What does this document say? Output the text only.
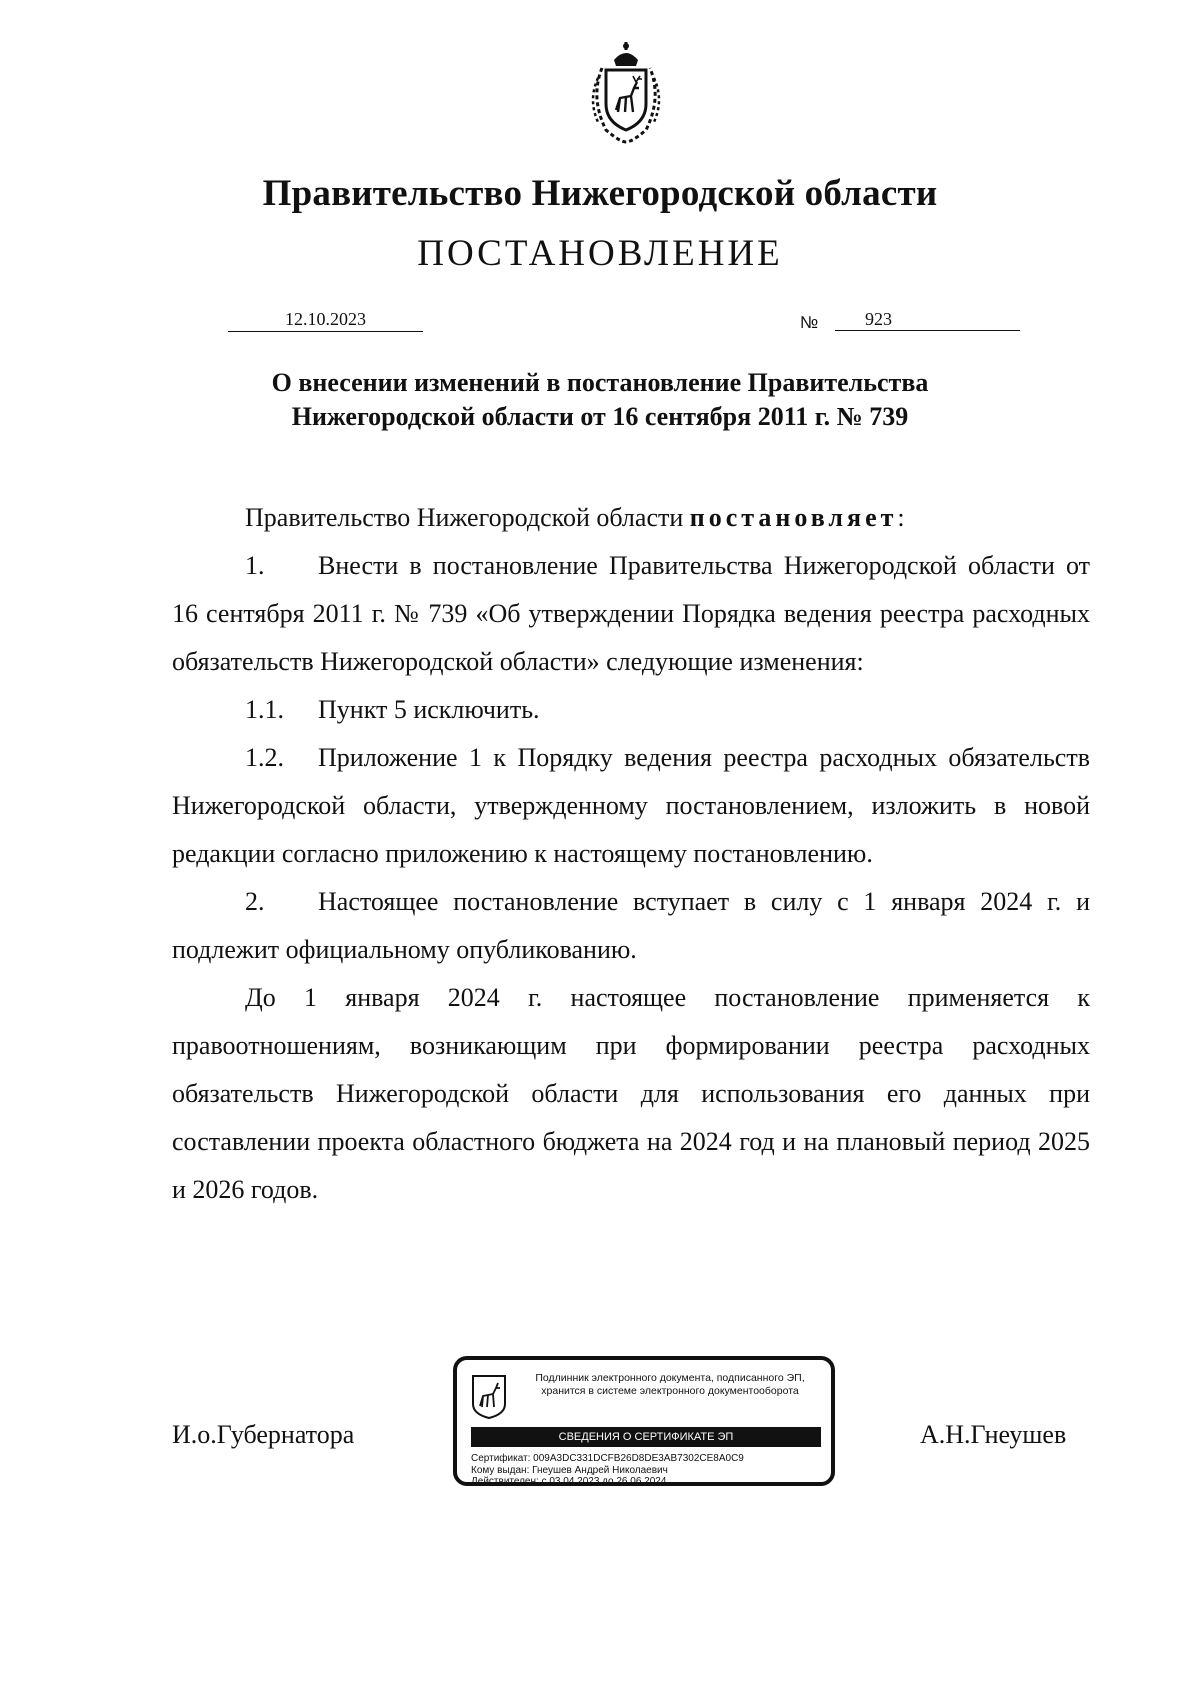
Правительство Нижегородской области
ПОСТАНОВЛЕНИЕ
12.10.2023	№	923
О внесении изменений в постановление Правительства
Нижегородской области от 16 сентября 2011 г. № 739

Правительство Нижегородской области постановляет:

1. Внести в постановление Правительства Нижегородской области от 16 сентября 2011 г. № 739 «Об утверждении Порядка ведения реестра расходных обязательств Нижегородской области» следующие изменения:

1.1. Пункт 5 исключить.

1.2. Приложение 1 к Порядку ведения реестра расходных обязательств Нижегородской области, утвержденному постановлением, изложить в новой редакции согласно приложению к настоящему постановлению.

2. Настоящее постановление вступает в силу с 1 января 2024 г. и подлежит официальному опубликованию.

До 1 января 2024 г. настоящее постановление применяется к правоотношениям, возникающим при формировании реестра расходных обязательств Нижегородской области для использования его данных при составлении проекта областного бюджета на 2024 год и на плановый период 2025 и 2026 годов.

И.о.Губернатора	А.Н.Гнеушев
Подлинник электронного документа, подписанного ЭП,
хранится в системе электронного документооборота
СВЕДЕНИЯ О СЕРТИФИКАТЕ ЭП
Сертификат: 009A3DC331DCFB26D8DE3AB7302CE8A0C9
Кому выдан: Гнеушев Андрей Николаевич
Действителен: с 03.04.2023 до 26.06.2024
